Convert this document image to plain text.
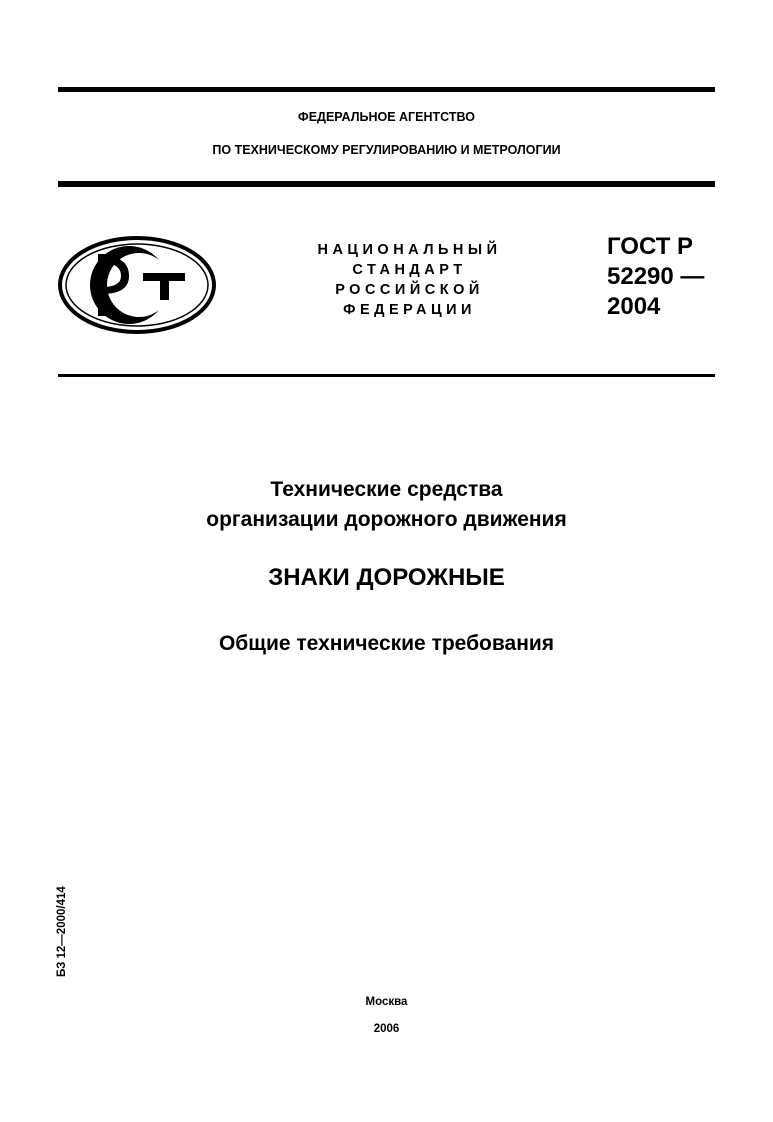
ФЕДЕРАЛЬНОЕ АГЕНТСТВО
ПО ТЕХНИЧЕСКОМУ РЕГУЛИРОВАНИЮ И МЕТРОЛОГИИ
НАЦИОНАЛЬНЫЙ
СТАНДАРТ
РОССИЙСКОЙ
ФЕДЕРАЦИИ
ГОСТ Р
52290 —
2004
Технические средства
организации дорожного движения
ЗНАКИ ДОРОЖНЫЕ
Общие технические требования
БЗ 12—2000/414
Москва
2006
